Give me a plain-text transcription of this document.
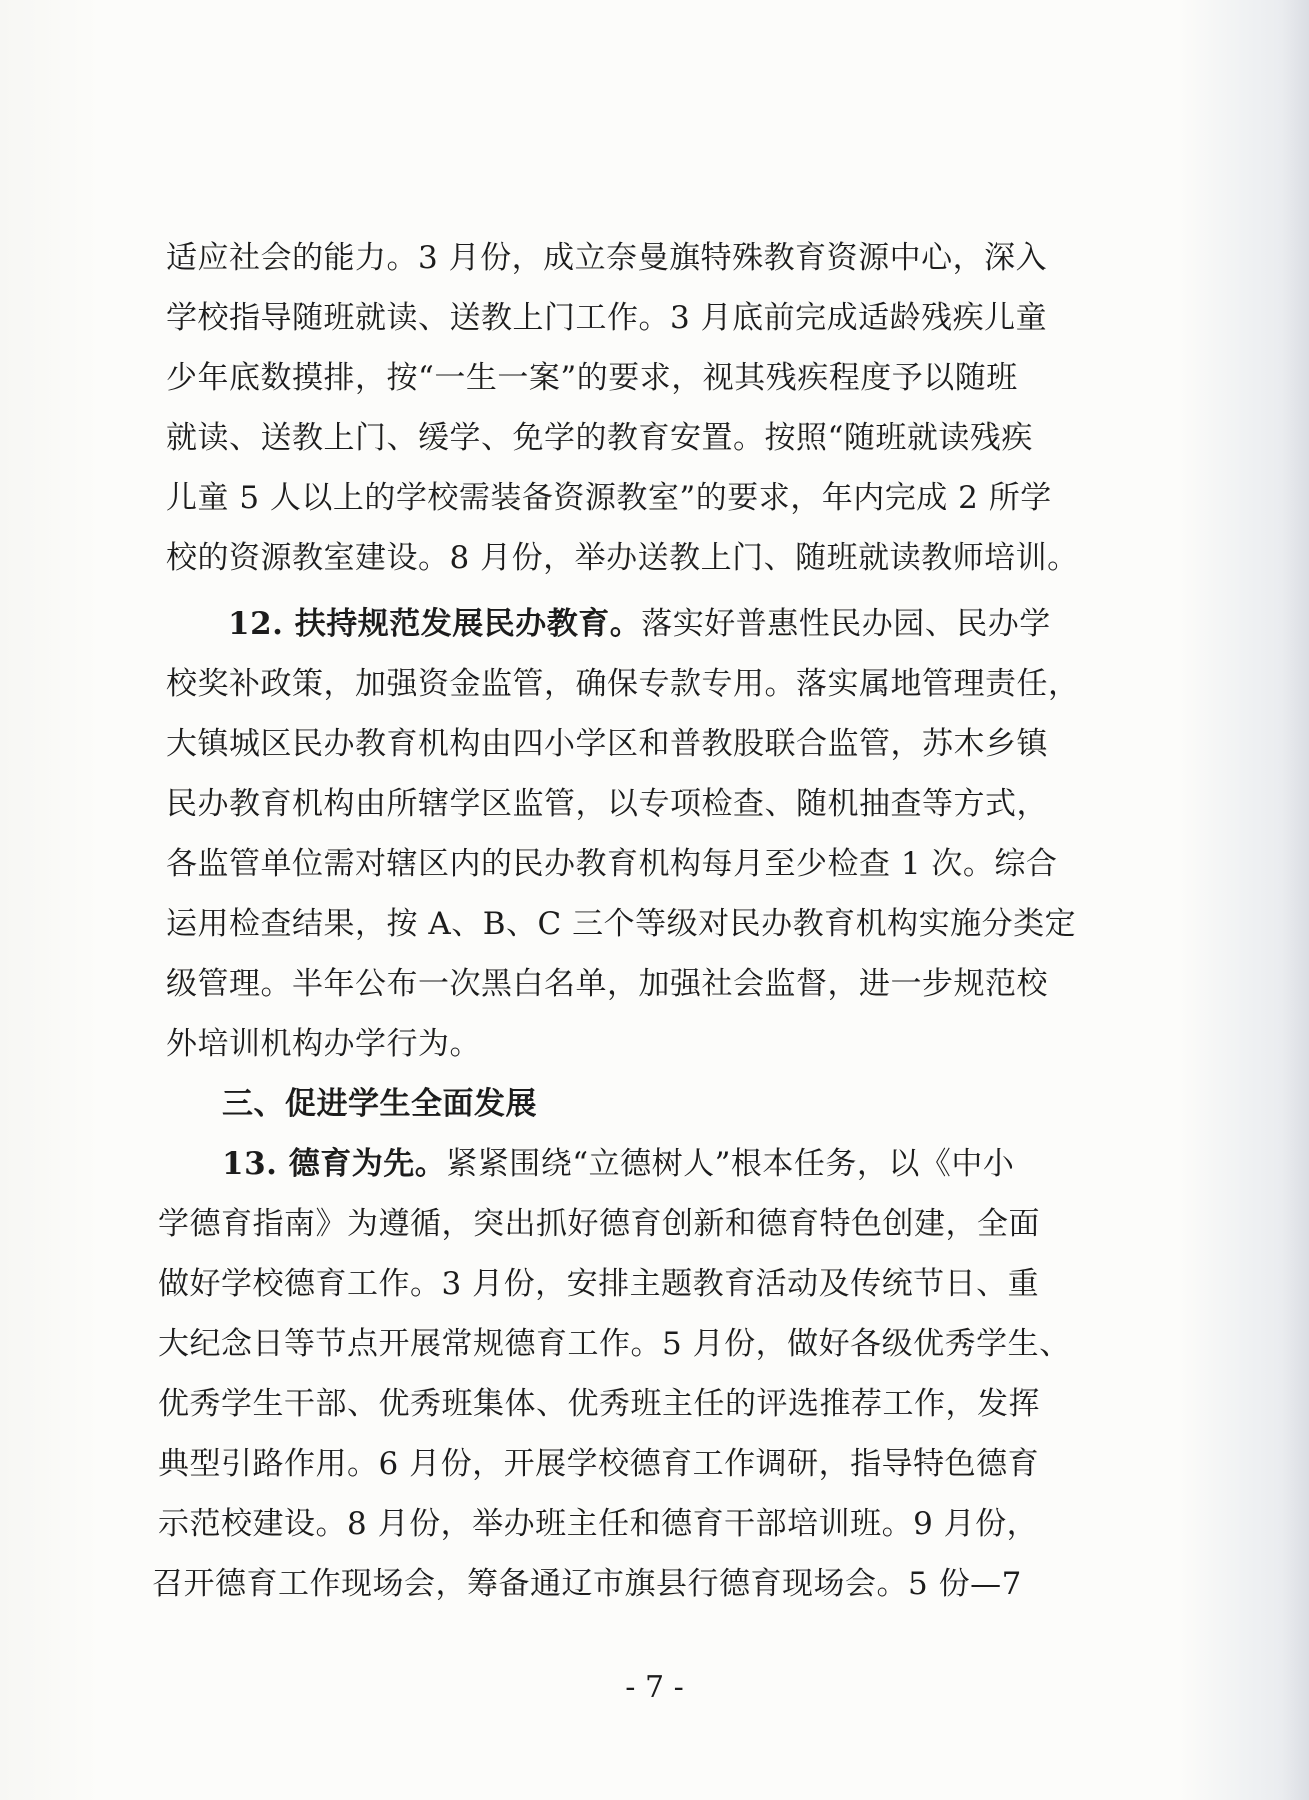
适应社会的能力。3 月份，成立奈曼旗特殊教育资源中心，深入
学校指导随班就读、送教上门工作。3 月底前完成适龄残疾儿童
少年底数摸排，按“一生一案”的要求，视其残疾程度予以随班
就读、送教上门、缓学、免学的教育安置。按照“随班就读残疾
儿童 5 人以上的学校需装备资源教室”的要求，年内完成 2 所学
校的资源教室建设。8 月份，举办送教上门、随班就读教师培训。
12. 扶持规范发展民办教育。落实好普惠性民办园、民办学
校奖补政策，加强资金监管，确保专款专用。落实属地管理责任，
大镇城区民办教育机构由四小学区和普教股联合监管，苏木乡镇
民办教育机构由所辖学区监管，以专项检查、随机抽查等方式，
各监管单位需对辖区内的民办教育机构每月至少检查 1 次。综合
运用检查结果，按 A、B、C 三个等级对民办教育机构实施分类定
级管理。半年公布一次黑白名单，加强社会监督，进一步规范校
外培训机构办学行为。
三、促进学生全面发展
13. 德育为先。紧紧围绕“立德树人”根本任务，以《中小
学德育指南》为遵循，突出抓好德育创新和德育特色创建，全面
做好学校德育工作。3 月份，安排主题教育活动及传统节日、重
大纪念日等节点开展常规德育工作。5 月份，做好各级优秀学生、
优秀学生干部、优秀班集体、优秀班主任的评选推荐工作，发挥
典型引路作用。6 月份，开展学校德育工作调研，指导特色德育
示范校建设。8 月份，举办班主任和德育干部培训班。9 月份，
召开德育工作现场会，筹备通辽市旗县行德育现场会。5 份—7
- 7 -
